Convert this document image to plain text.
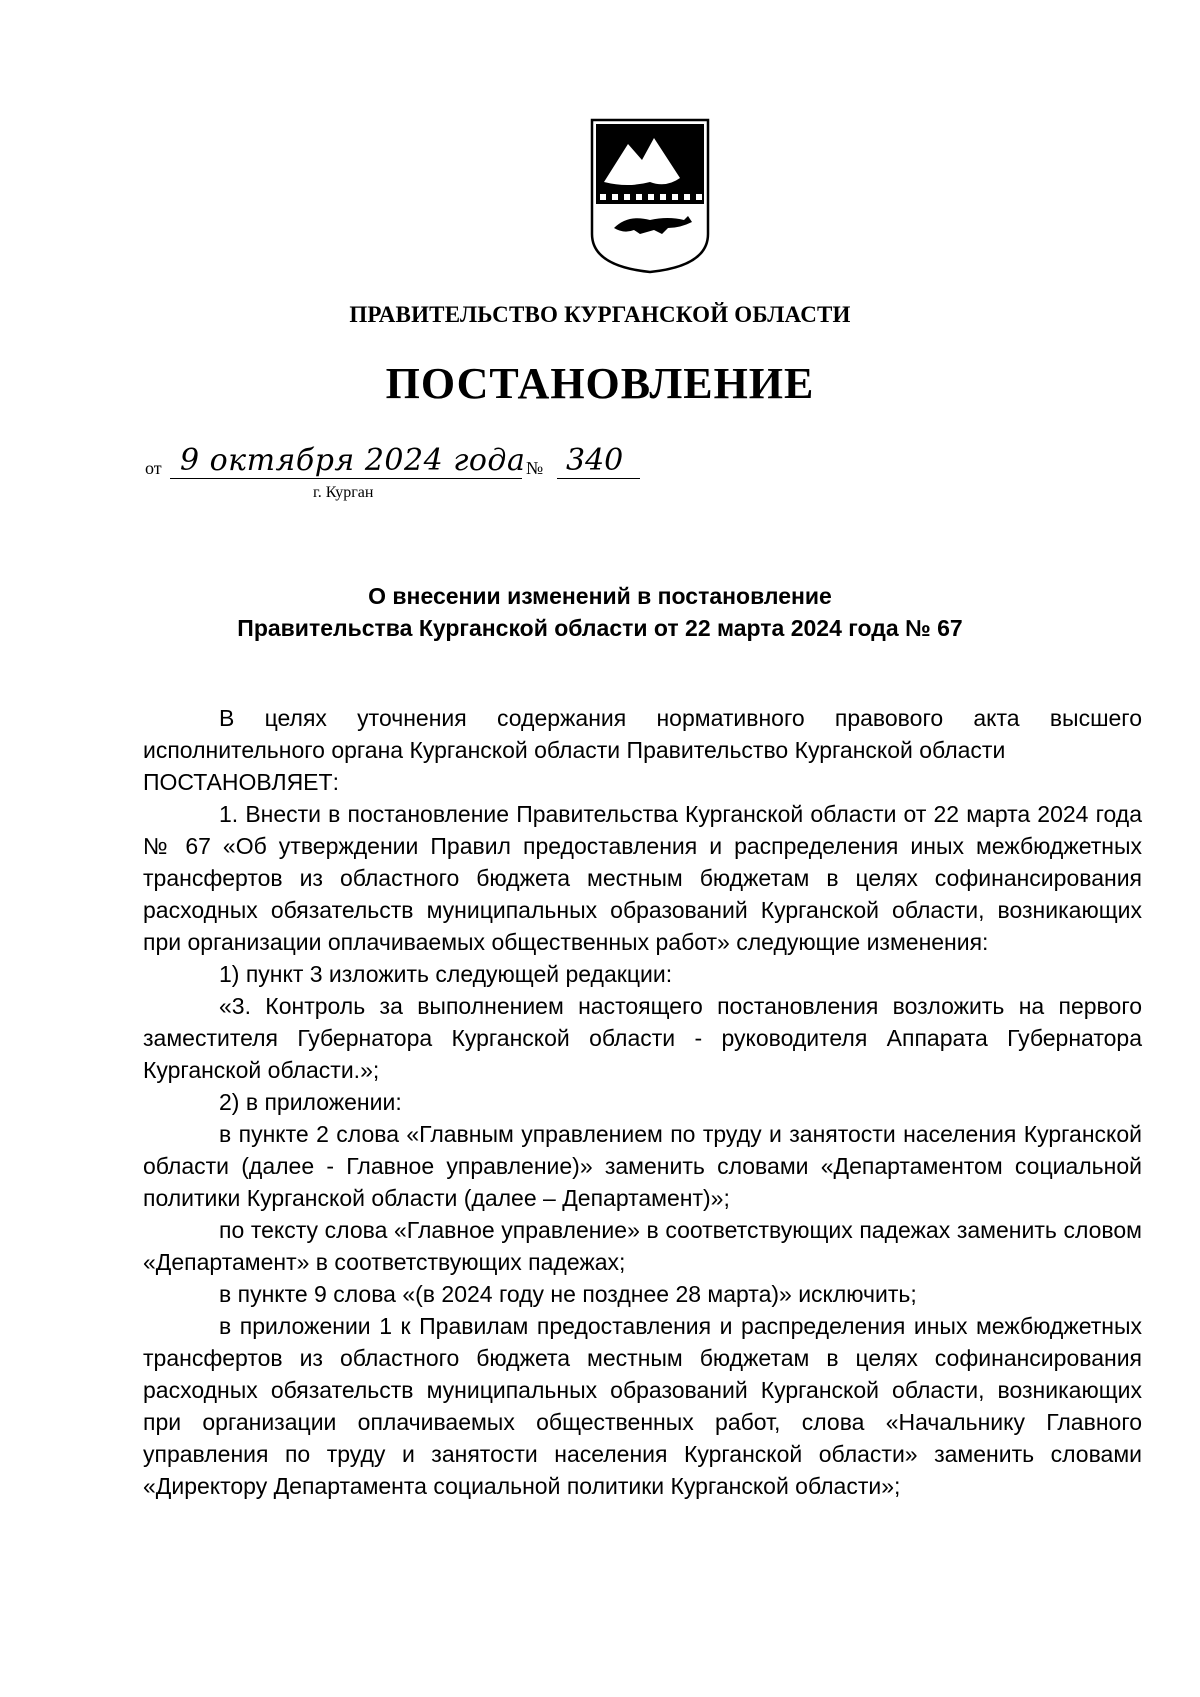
ПРАВИТЕЛЬСТВО КУРГАНСКОЙ ОБЛАСТИ
ПОСТАНОВЛЕНИЕ
от 9 октября 2024 года № 340
г. Курган
О внесении изменений в постановление
Правительства Курганской области от 22 марта 2024 года № 67

В целях уточнения содержания нормативного правового акта высшего исполнительного органа Курганской области Правительство Курганской области

ПОСТАНОВЛЯЕТ:

1. Внести в постановление Правительства Курганской области от 22 марта 2024 года № 67 «Об утверждении Правил предоставления и распределения иных межбюджетных трансфертов из областного бюджета местным бюджетам в целях софинансирования расходных обязательств муниципальных образований Курганской области, возникающих при организации оплачиваемых общественных работ» следующие изменения:

1) пункт 3 изложить следующей редакции:

«3. Контроль за выполнением настоящего постановления возложить на первого заместителя Губернатора Курганской области - руководителя Аппарата Губернатора Курганской области.»;

2) в приложении:

в пункте 2 слова «Главным управлением по труду и занятости населения Курганской области (далее - Главное управление)» заменить словами «Департаментом социальной политики Курганской области (далее – Департамент)»;

по тексту слова «Главное управление» в соответствующих падежах заменить словом «Департамент» в соответствующих падежах;

в пункте 9 слова «(в 2024 году не позднее 28 марта)» исключить;

в приложении 1 к Правилам предоставления и распределения иных межбюджетных трансфертов из областного бюджета местным бюджетам в целях софинансирования расходных обязательств муниципальных образований Курганской области, возникающих при организации оплачиваемых общественных работ, слова «Начальнику Главного управления по труду и занятости населения Курганской области» заменить словами «Директору Департамента социальной политики Курганской области»;
